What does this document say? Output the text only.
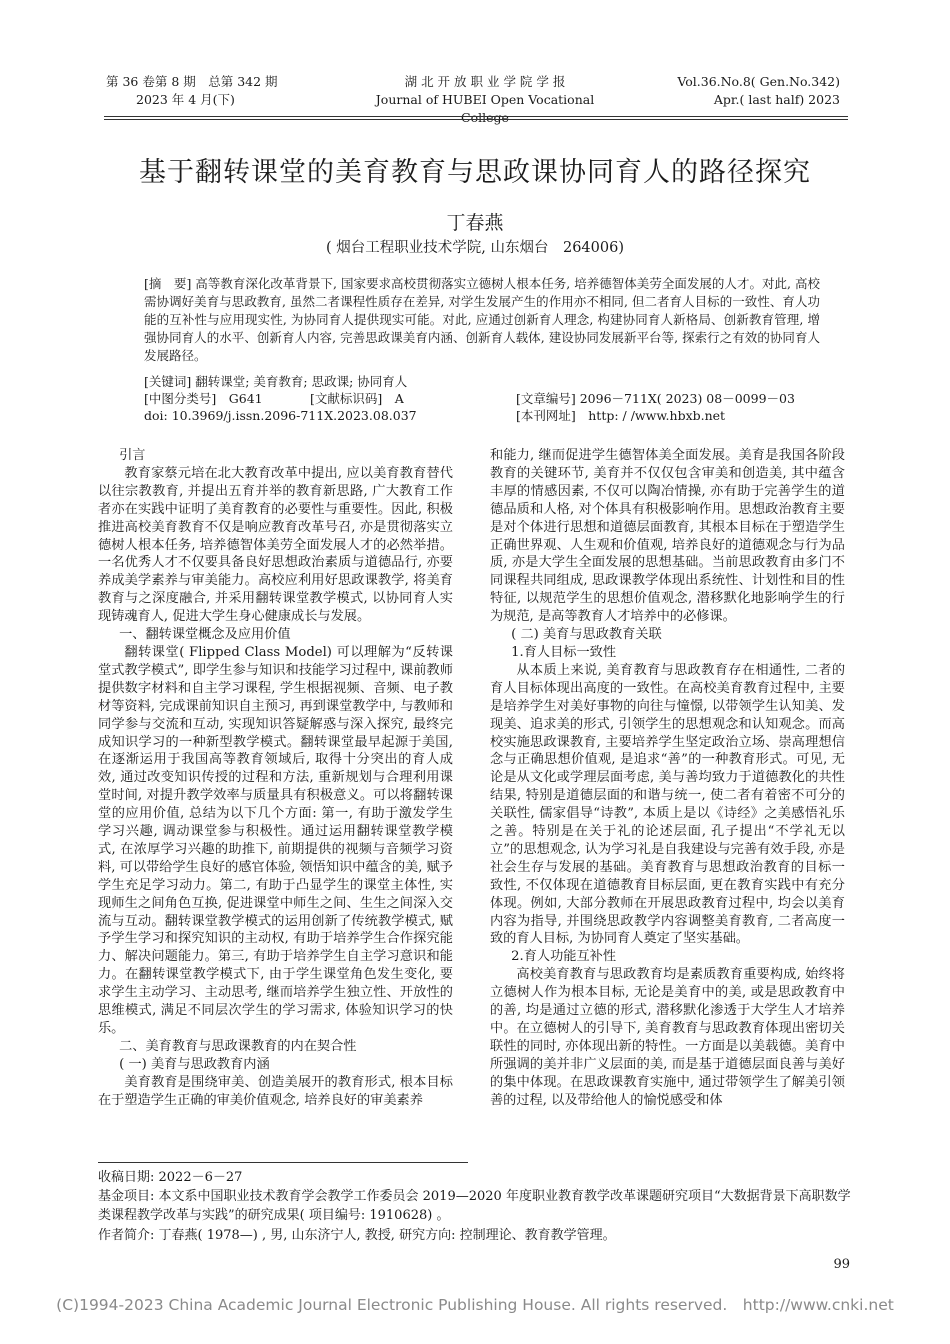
第 36 卷第 8 期　总第 342 期
2023 年 4 月(下)
湖 北 开 放 职 业 学 院 学 报
Journal of HUBEI Open Vocational College
Vol.36.No.8( Gen.No.342)
Apr.( last half) 2023
基于翻转课堂的美育教育与思政课协同育人的路径探究
丁春燕
( 烟台工程职业技术学院, 山东烟台　264006)
[摘　要] 高等教育深化改革背景下, 国家要求高校贯彻落实立德树人根本任务, 培养德智体美劳全面发展的人才。对此, 高校需协调好美育与思政教育, 虽然二者课程性质存在差异, 对学生发展产生的作用亦不相同, 但二者育人目标的一致性、育人功能的互补性与应用现实性, 为协同育人提供现实可能。对此, 应通过创新育人理念, 构建协同育人新格局、创新教育管理, 增强协同育人的水平、创新育人内容, 完善思政课美育内涵、创新育人载体, 建设协同发展新平台等, 探索行之有效的协同育人发展路径。
[关键词] 翻转课堂; 美育教育; 思政课; 协同育人
[中图分类号]　G641	[文献标识码]　A	[文章编号] 2096－711X( 2023) 08－0099－03
doi: 10.3969/j.issn.2096-711X.2023.08.037	[本刊网址]　http: / /www.hbxb.net

引言

教育家蔡元培在北大教育改革中提出, 应以美育教育替代以往宗教教育, 并提出五育并举的教育新思路, 广大教育工作者亦在实践中证明了美育教育的必要性与重要性。因此, 积极推进高校美育教育不仅是响应教育改革号召, 亦是贯彻落实立德树人根本任务, 培养德智体美劳全面发展人才的必然举措。一名优秀人才不仅要具备良好思想政治素质与道德品行, 亦要养成美学素养与审美能力。高校应利用好思政课教学, 将美育教育与之深度融合, 并采用翻转课堂教学模式, 以协同育人实现铸魂育人, 促进大学生身心健康成长与发展。

一、翻转课堂概念及应用价值

翻转课堂( Flipped Class Model) 可以理解为“反转课堂式教学模式”, 即学生参与知识和技能学习过程中, 课前教师提供数字材料和自主学习课程, 学生根据视频、音频、电子教材等资料, 完成课前知识自主预习, 再到课堂教学中, 与教师和同学参与交流和互动, 实现知识答疑解惑与深入探究, 最终完成知识学习的一种新型教学模式。翻转课堂最早起源于美国, 在逐渐运用于我国高等教育领域后, 取得十分突出的育人成效, 通过改变知识传授的过程和方法, 重新规划与合理利用课堂时间, 对提升教学效率与质量具有积极意义。可以将翻转课堂的应用价值, 总结为以下几个方面: 第一, 有助于激发学生学习兴趣, 调动课堂参与积极性。通过运用翻转课堂教学模式, 在浓厚学习兴趣的助推下, 前期提供的视频与音频学习资料, 可以带给学生良好的感官体验, 领悟知识中蕴含的美, 赋予学生充足学习动力。第二, 有助于凸显学生的课堂主体性, 实现师生之间角色互换, 促进课堂中师生之间、生生之间深入交流与互动。翻转课堂教学模式的运用创新了传统教学模式, 赋予学生学习和探究知识的主动权, 有助于培养学生合作探究能力、解决问题能力。第三, 有助于培养学生自主学习意识和能力。在翻转课堂教学模式下, 由于学生课堂角色发生变化, 要求学生主动学习、主动思考, 继而培养学生独立性、开放性的思维模式, 满足不同层次学生的学习需求, 体验知识学习的快乐。

二、美育教育与思政课教育的内在契合性

( 一) 美育与思政教育内涵

美育教育是围绕审美、创造美展开的教育形式, 根本目标在于塑造学生正确的审美价值观念, 培养良好的审美素养

和能力, 继而促进学生德智体美全面发展。美育是我国各阶段教育的关键环节, 美育并不仅仅包含审美和创造美, 其中蕴含丰厚的情感因素, 不仅可以陶冶情操, 亦有助于完善学生的道德品质和人格, 对个体具有积极影响作用。思想政治教育主要是对个体进行思想和道德层面教育, 其根本目标在于塑造学生正确世界观、人生观和价值观, 培养良好的道德观念与行为品质, 亦是大学生全面发展的思想基础。当前思政教育由多门不同课程共同组成, 思政课教学体现出系统性、计划性和目的性特征, 以规范学生的思想价值观念, 潜移默化地影响学生的行为规范, 是高等教育人才培养中的必修课。

( 二) 美育与思政教育关联

1.育人目标一致性

从本质上来说, 美育教育与思政教育存在相通性, 二者的育人目标体现出高度的一致性。在高校美育教育过程中, 主要是培养学生对美好事物的向往与憧憬, 以带领学生认知美、发现美、追求美的形式, 引领学生的思想观念和认知观念。而高校实施思政课教育, 主要培养学生坚定政治立场、崇高理想信念与正确思想价值观, 是追求“善”的一种教育形式。可见, 无论是从文化或学理层面考虑, 美与善均致力于道德教化的共性结果, 特别是道德层面的和谐与统一, 使二者有着密不可分的关联性, 儒家倡导“诗教”, 本质上是以《诗经》之美感悟礼乐之善。特别是在关于礼的论述层面, 孔子提出“不学礼无以立”的思想观念, 认为学习礼是自我建设与完善有效手段, 亦是社会生存与发展的基础。美育教育与思想政治教育的目标一致性, 不仅体现在道德教育目标层面, 更在教育实践中有充分体现。例如, 大部分教师在开展思政教育过程中, 均会以美育内容为指导, 并围绕思政教学内容调整美育教育, 二者高度一致的育人目标, 为协同育人奠定了坚实基础。

2.育人功能互补性

高校美育教育与思政教育均是素质教育重要构成, 始终将立德树人作为根本目标, 无论是美育中的美, 或是思政教育中的善, 均是通过立德的形式, 潜移默化渗透于大学生人才培养中。在立德树人的引导下, 美育教育与思政教育体现出密切关联性的同时, 亦体现出新的特性。一方面是以美载德。美育中所强调的美并非广义层面的美, 而是基于道德层面良善与美好的集中体现。在思政课教育实施中, 通过带领学生了解美引领善的过程, 以及带给他人的愉悦感受和体

收稿日期: 2022－6－27
基金项目: 本文系中国职业技术教育学会教学工作委员会 2019—2020 年度职业教育教学改革课题研究项目“大数据背景下高职数学类课程教学改革与实践”的研究成果( 项目编号: 1910628) 。
作者简介: 丁春燕( 1978—) , 男, 山东济宁人, 教授, 研究方向: 控制理论、教育教学管理。
99
(C)1994-2023 China Academic Journal Electronic Publishing House. All rights reserved.　http://www.cnki.net
